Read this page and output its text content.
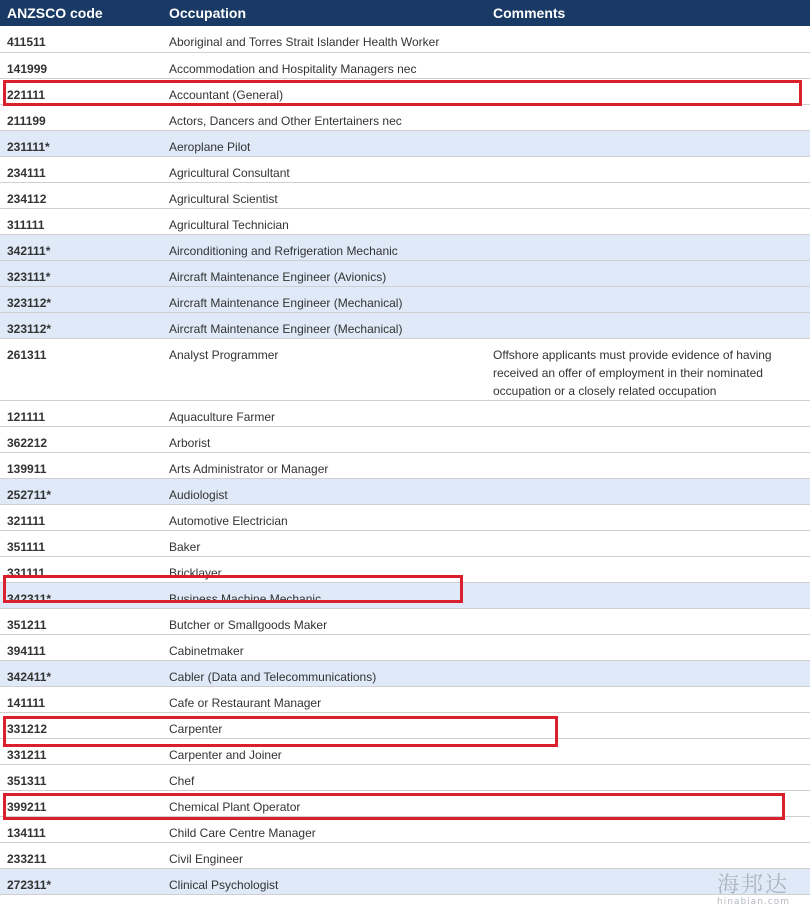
ANZSCO code	Occupation	Comments
411511	Aboriginal and Torres Strait Islander Health Worker	
141999	Accommodation and Hospitality Managers nec	
221111	Accountant (General)	
211199	Actors, Dancers and Other Entertainers nec	
231111*	Aeroplane Pilot	
234111	Agricultural Consultant	
234112	Agricultural Scientist	
311111	Agricultural Technician	
342111*	Airconditioning and Refrigeration Mechanic	
323111*	Aircraft Maintenance Engineer (Avionics)	
323112*	Aircraft Maintenance Engineer (Mechanical)	
323112*	Aircraft Maintenance Engineer (Mechanical)	
261311	Analyst Programmer	Offshore applicants must provide evidence of having received an offer of employment in their nominated occupation or a closely related occupation
121111	Aquaculture Farmer	
362212	Arborist	
139911	Arts Administrator or Manager	
252711*	Audiologist	
321111	Automotive Electrician	
351111	Baker	
331111	Bricklayer	
342311*	Business Machine Mechanic	
351211	Butcher or Smallgoods Maker	
394111	Cabinetmaker	
342411*	Cabler (Data and Telecommunications)	
141111	Cafe or Restaurant Manager	
331212	Carpenter	
331211	Carpenter and Joiner	
351311	Chef	
399211	Chemical Plant Operator	
134111	Child Care Centre Manager	
233211	Civil Engineer	
272311*	Clinical Psychologist		海邦达
hinabian.com
